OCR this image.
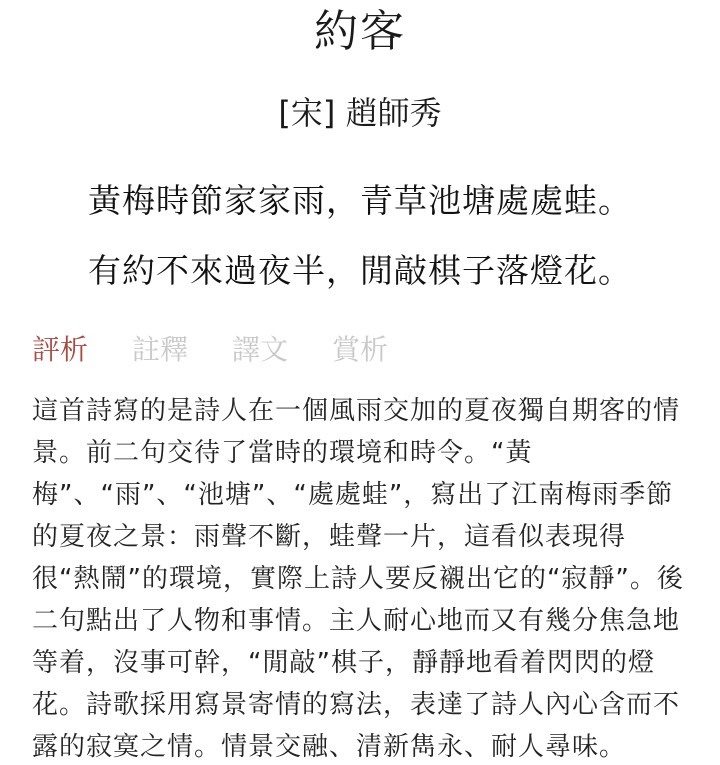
約客
[宋] 趙師秀
黃梅時節家家雨，青草池塘處處蛙。
有約不來過夜半，閒敲棋子落燈花。
評析 註釋 譯文 賞析
這首詩寫的是詩人在一個風雨交加的夏夜獨自期客的情景。前二句交待了當時的環境和時令。“黃梅”、“雨”、“池塘”、“處處蛙”，寫出了江南梅雨季節的夏夜之景：雨聲不斷，蛙聲一片，這看似表現得很“熱鬧”的環境，實際上詩人要反襯出它的“寂靜”。後二句點出了人物和事情。主人耐心地而又有幾分焦急地等着，沒事可幹，“閒敲”棋子，靜靜地看着閃閃的燈花。詩歌採用寫景寄情的寫法，表達了詩人內心含而不露的寂寞之情。情景交融、清新雋永、耐人尋味。
